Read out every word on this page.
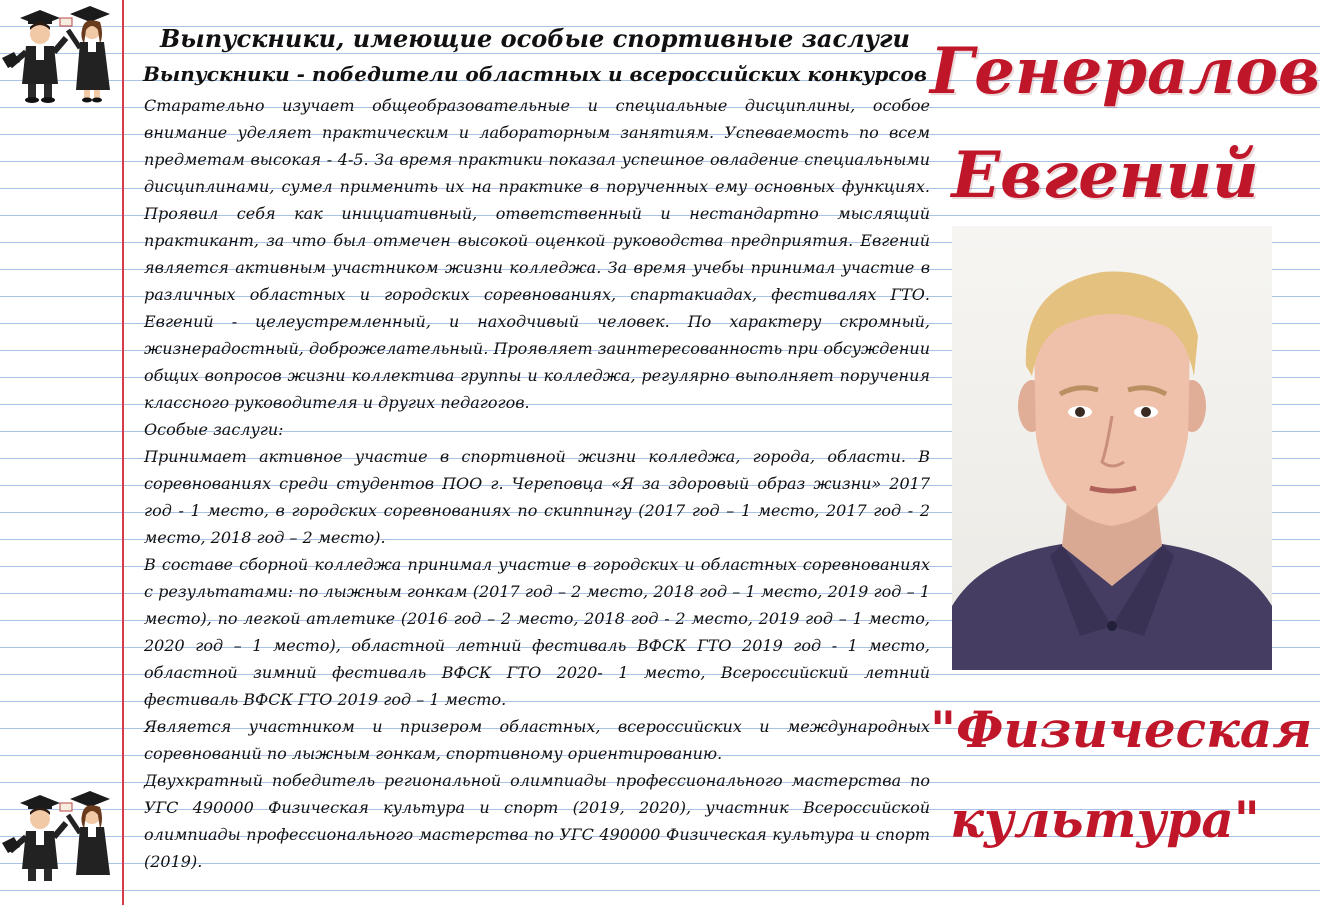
Выпускники, имеющие особые спортивные заслуги
Выпускники - победители областных и всероссийских конкурсов

Старательно изучает общеобразовательные и специальные дисциплины, особое внимание уделяет практическим и лабораторным занятиям. Успеваемость по всем предметам высокая - 4-5. За время практики показал успешное овладение специальными дисциплинами, сумел применить их на практике в порученных ему основных функциях. Проявил себя как инициативный, ответственный и нестандартно мыслящий практикант, за что был отмечен высокой оценкой руководства предприятия. Евгений является активным участником жизни колледжа. За время учебы принимал участие в различных областных и городских соревнованиях, спартакиадах, фестиваляx ГТО. Евгений - целеустремленный, и находчивый человек. По характеру скромный, жизнерадостный, доброжелательный. Проявляет заинтересованность при обсуждении общих вопросов жизни коллектива группы и колледжа, регулярно выполняет поручения классного руководителя и других педагогов.

Особые заслуги:

Принимает активное участие в спортивной жизни колледжа, города, области. В соревнованиях среди студентов ПОО г. Череповца «Я за здоровый образ жизни» 2017 год - 1 место, в городских соревнованиях по скиппингу (2017 год – 1 место, 2017 год - 2 место, 2018 год – 2 место).

В составе сборной колледжа принимал участие в городских и областных соревнованиях с результатами: по лыжным гонкам (2017 год – 2 место, 2018 год – 1 место, 2019 год – 1 место), по легкой атлетике (2016 год – 2 место, 2018 год - 2 место, 2019 год – 1 место, 2020 год – 1 место), областной летний фестиваль ВФСК ГТО 2019 год - 1 место, областной зимний фестиваль ВФСК ГТО 2020- 1 место, Всероссийский летний фестиваль ВФСК ГТО 2019 год – 1 место.

Является участником и призером областных, всероссийских и международных соревнований по лыжным гонкам, спортивному ориентированию.

Двухкратный победитель региональной олимпиады профессионального мастерства по УГС 490000 Физическая культура и спорт (2019, 2020), участник Всероссийской олимпиады профессионального мастерства по УГС 490000 Физическая культура и спорт (2019).

Генералов
Евгений
"Физическая
культура"
